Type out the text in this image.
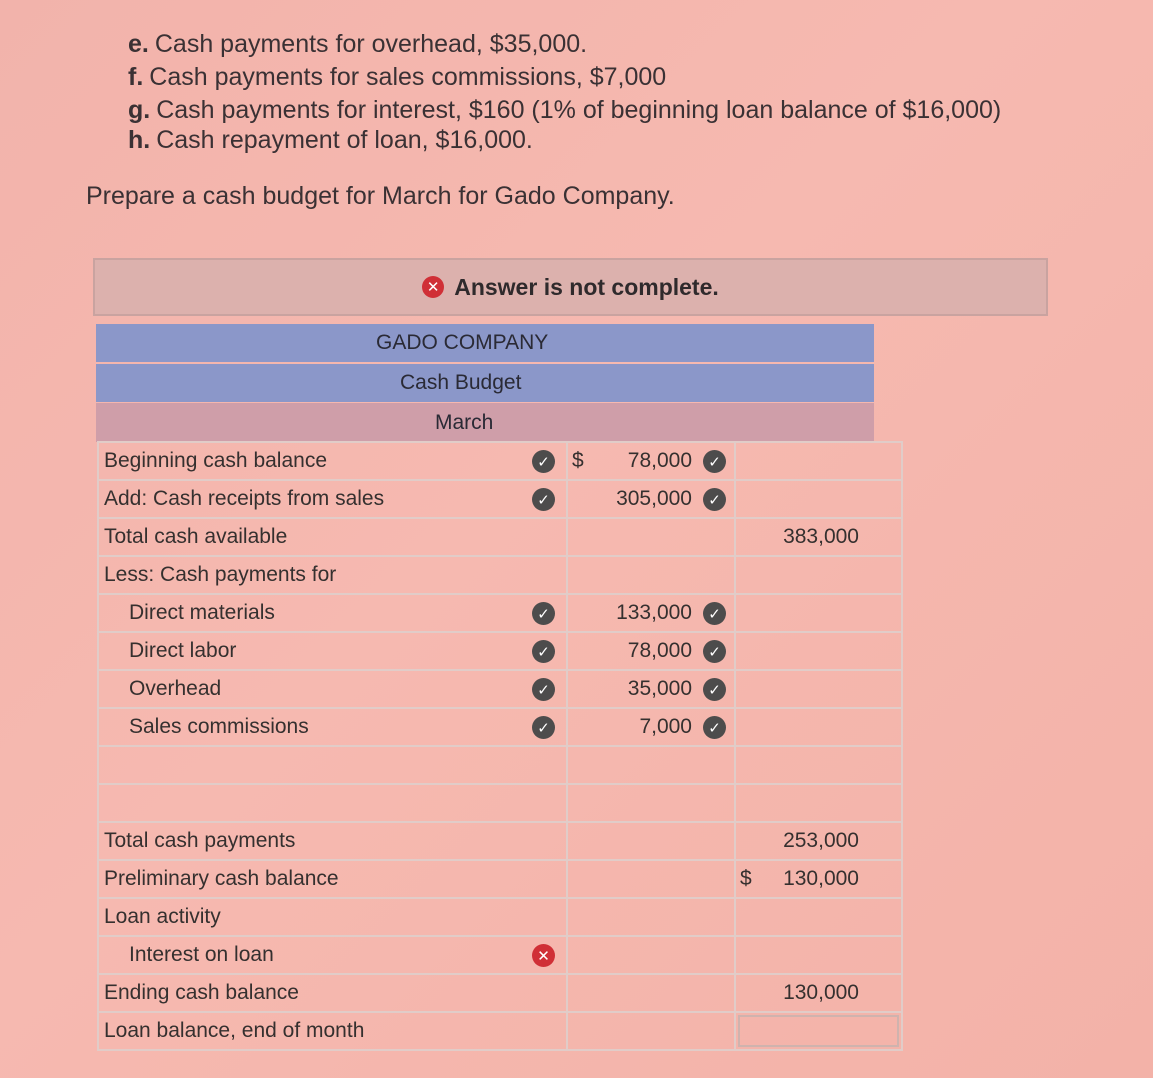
e. Cash payments for overhead, $35,000.
f. Cash payments for sales commissions, $7,000
g. Cash payments for interest, $160 (1% of beginning loan balance of $16,000)
h. Cash repayment of loan, $16,000.
Prepare a cash budget for March for Gado Company.
✕ Answer is not complete.
GADO COMPANY
Cash Budget
March
Beginning cash balance	✓ $ 78,000 ✓	

Add: Cash receipts from sales	✓ 305,000 ✓	

Total cash available		383,000

Less: Cash payments for	

Direct materials	✓ 133,000 ✓	

Direct labor	✓ 78,000 ✓	

Overhead	✓ 35,000 ✓	

Sales commissions	✓ 7,000 ✓	

Total cash payments		253,000

Preliminary cash balance		$ 130,000

Loan activity	

Interest on loan	✕	

Ending cash balance		130,000

Loan balance, end of month	
